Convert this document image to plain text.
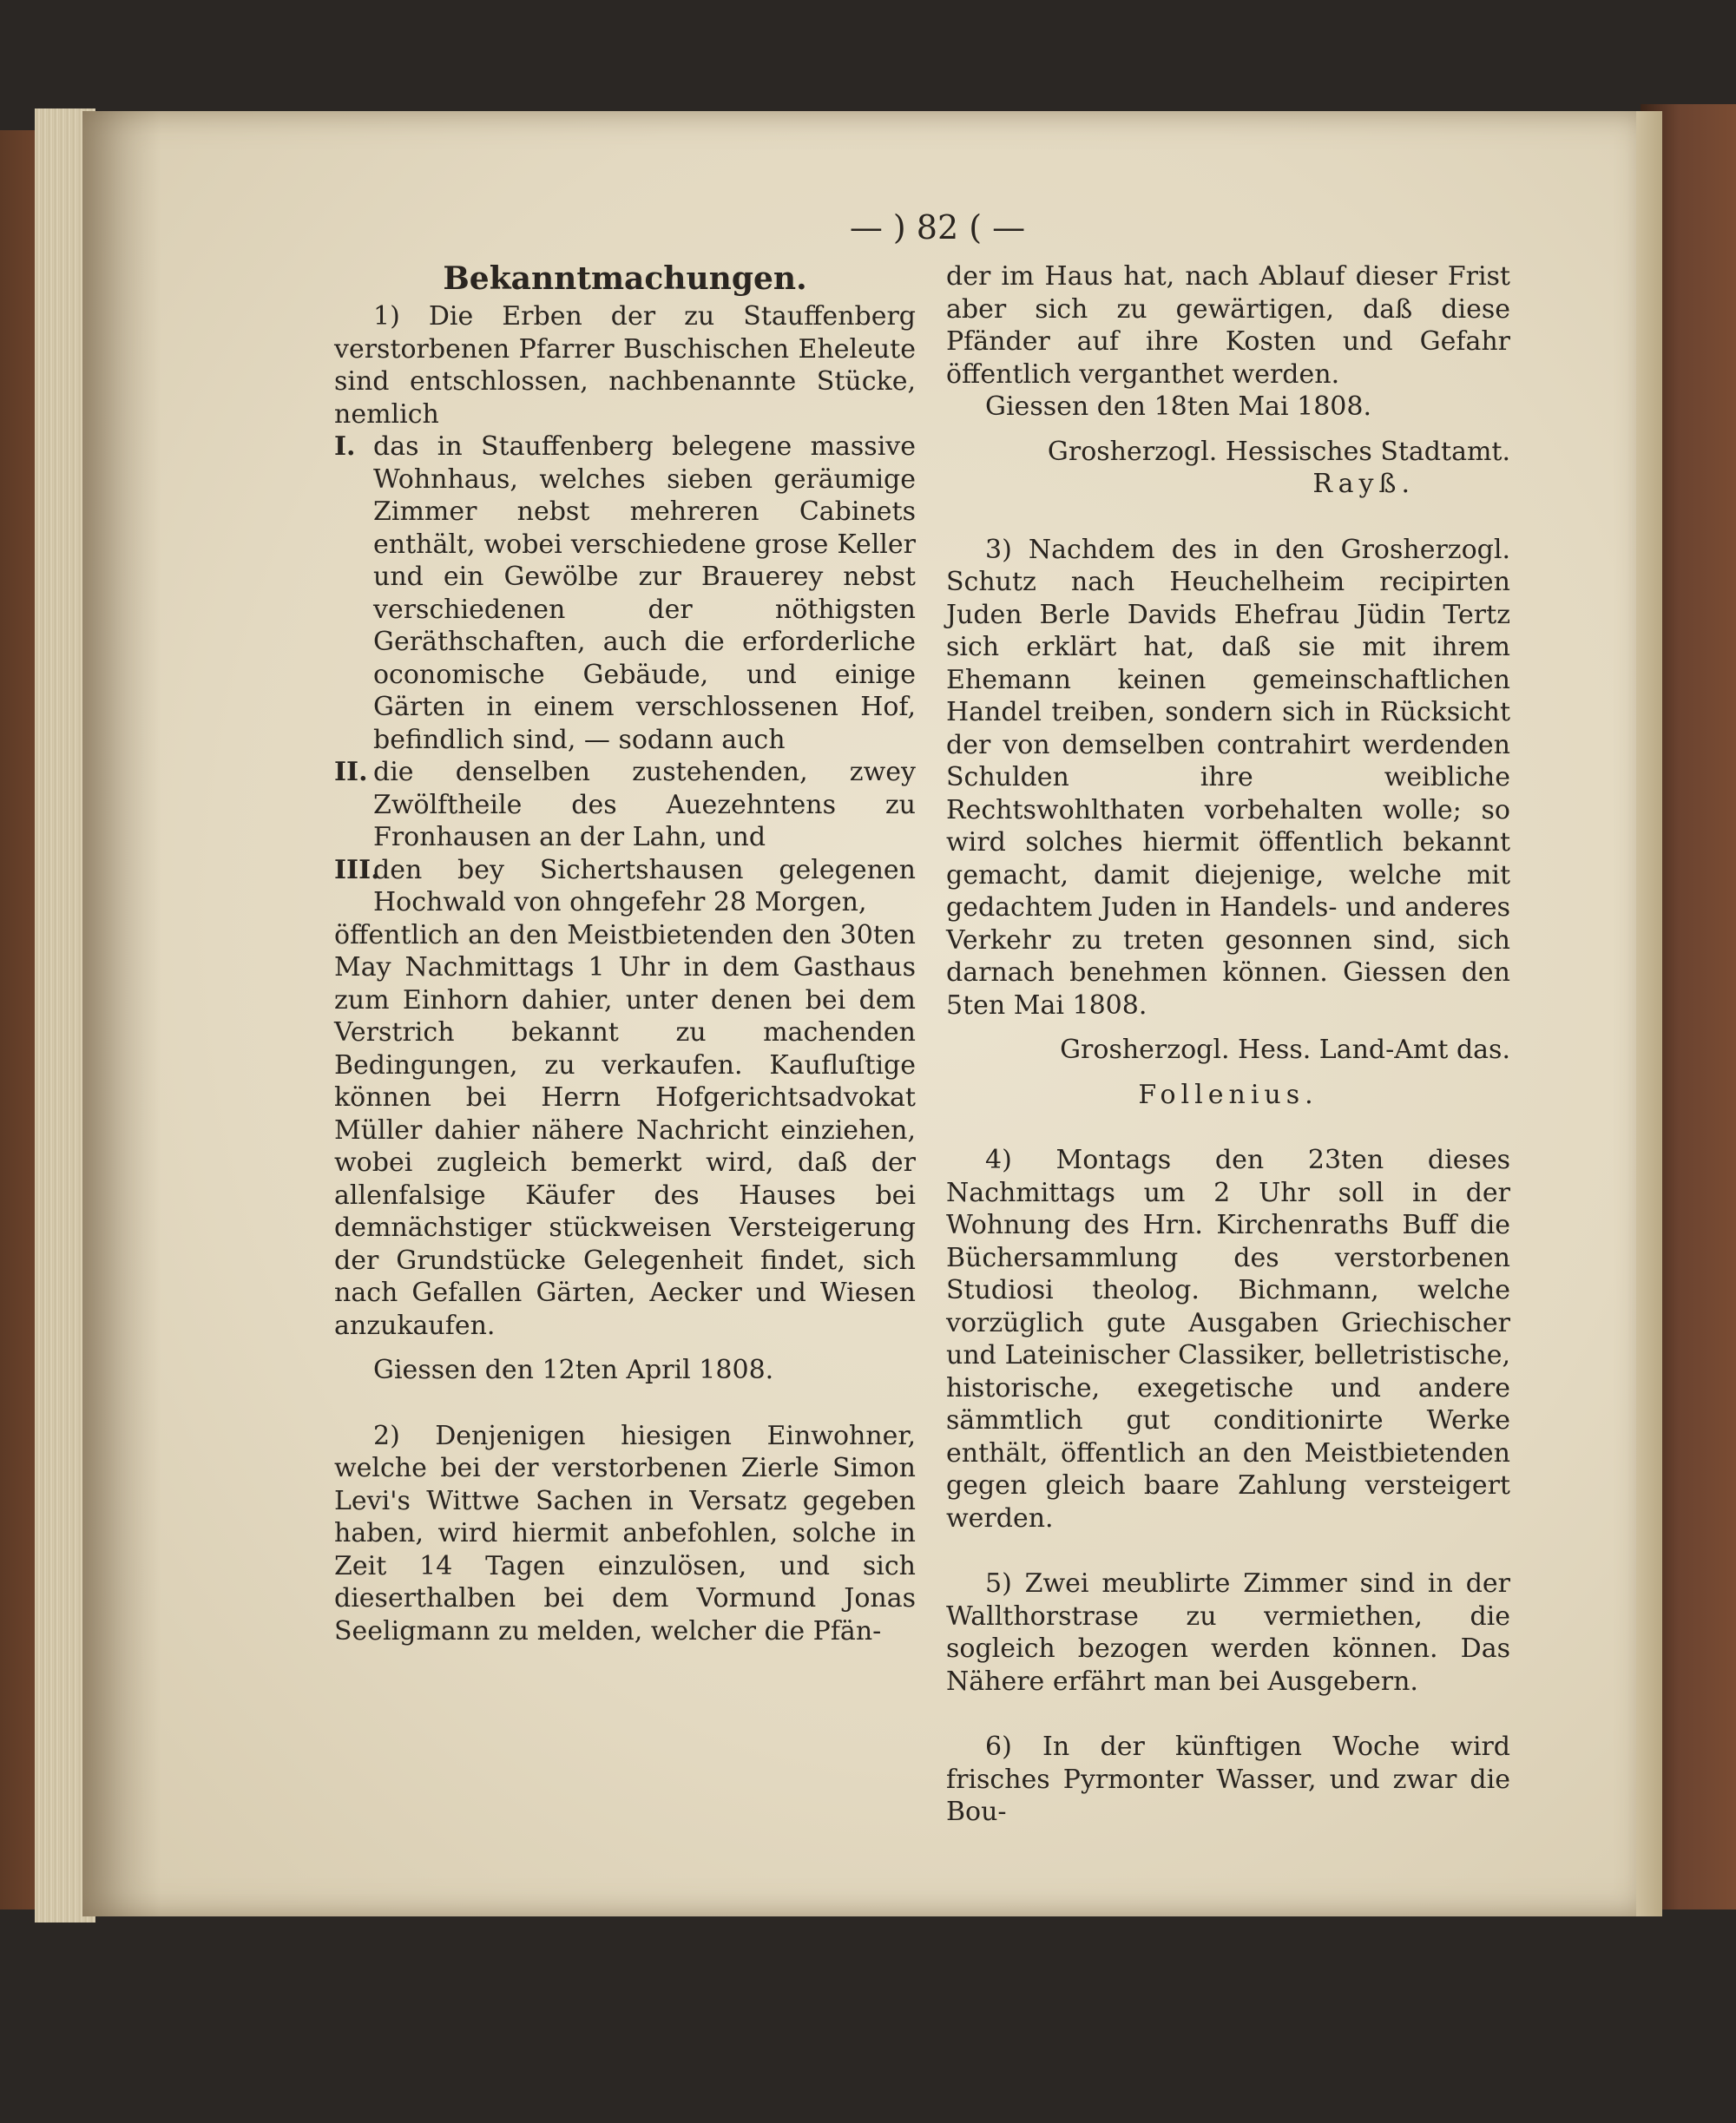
— ) 82 ( —

Bekanntmachungen.

1) Die Erben der zu Stauffenberg verstorbenen Pfarrer Buschischen Eheleute sind entschlossen, nachbenannte Stücke, nemlich

I. das in Stauffenberg belegene massive Wohnhaus, welches sieben geräumige Zimmer nebst mehreren Cabinets enthält, wobei verschiedene grose Keller und ein Gewölbe zur Brauerey nebst verschiedenen der nöthigsten Geräthschaften, auch die erforderliche oconomische Gebäude, und einige Gärten in einem verschlossenen Hof, befindlich sind, — sodann auch
II. die denselben zustehenden, zwey Zwölftheile des Auezehntens zu Fronhausen an der Lahn, und
III.
den bey Sichertshausen gelegenen Hochwald von ohngefehr 28 Morgen,

öffentlich an den Meistbietenden den 30ten May Nachmittags 1 Uhr in dem Gasthaus zum Einhorn dahier, unter denen bei dem Verstrich bekannt zu machenden Bedingungen, zu verkaufen. Kaufluſtige können bei Herrn Hofgerichtsadvokat Müller dahier nähere Nachricht einziehen, wobei zugleich bemerkt wird, daß der allenfalsige Käufer des Hauses bei demnächstiger stückweisen Versteigerung der Grundstücke Gelegenheit findet, sich nach Gefallen Gärten, Aecker und Wiesen anzukaufen.

Giessen den 12ten April 1808.

2) Denjenigen hiesigen Einwohner, welche bei der verstorbenen Zierle Simon Levi's Wittwe Sachen in Versatz gegeben haben, wird hiermit anbefohlen, solche in Zeit 14 Tagen einzulösen, und sich dieserthalben bei dem Vormund Jonas Seeligmann zu melden, welcher die Pfän-

der im Haus hat, nach Ablauf dieser Frist aber sich zu gewärtigen, daß diese Pfänder auf ihre Kosten und Gefahr öffentlich verganthet werden.

Giessen den 18ten Mai 1808.

Grosherzogl. Hessisches Stadtamt.

Rayß.

3) Nachdem des in den Grosherzogl. Schutz nach Heuchelheim recipirten Juden Berle Davids Ehefrau Jüdin Tertz sich erklärt hat, daß sie mit ihrem Ehemann keinen gemeinschaftlichen Handel treiben, sondern sich in Rücksicht der von demselben contrahirt werdenden Schulden ihre weibliche Rechtswohlthaten vorbehalten wolle; so wird solches hiermit öffentlich bekannt gemacht, damit diejenige, welche mit gedachtem Juden in Handels- und anderes Verkehr zu treten gesonnen sind, sich darnach benehmen können. Giessen den 5ten Mai 1808.

Grosherzogl. Hess. Land-Amt das.

Follenius.

4) Montags den 23ten dieses Nachmittags um 2 Uhr soll in der Wohnung des Hrn. Kirchenraths Buff die Büchersammlung des verstorbenen Studiosi theolog. Bichmann, welche vorzüglich gute Ausgaben Griechischer und Lateinischer Classiker, belletristische, historische, exegetische und andere sämmtlich gut conditionirte Werke enthält, öffentlich an den Meistbietenden gegen gleich baare Zahlung versteigert werden.

5) Zwei meublirte Zimmer sind in der Wallthorstrase zu vermiethen, die sogleich bezogen werden können. Das Nähere erfährt man bei Ausgebern.

6) In der künftigen Woche wird frisches Pyrmonter Wasser, und zwar die Bou-
